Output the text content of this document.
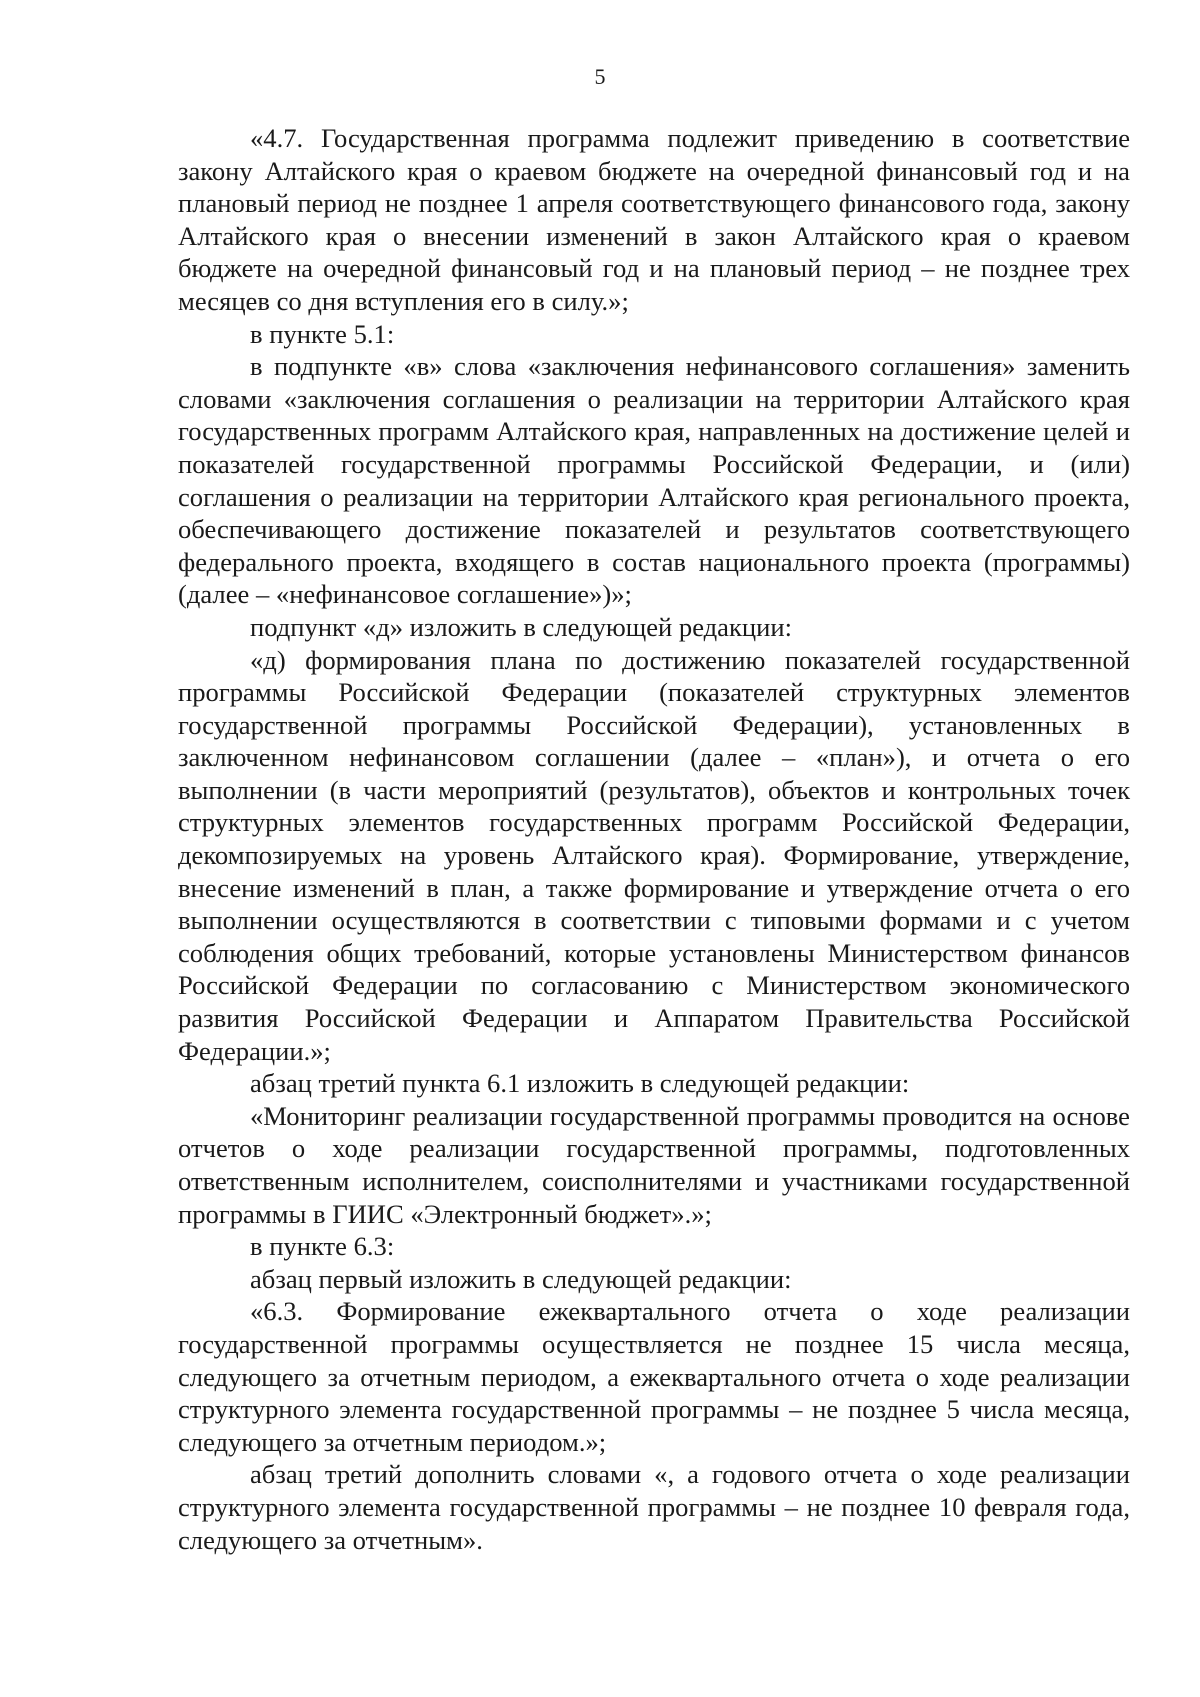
5

«4.7. Государственная программа подлежит приведению в соответствие закону Алтайского края о краевом бюджете на очередной финансовый год и на плановый период не позднее 1 апреля соответствующего финансового года, закону Алтайского края о внесении изменений в закон Алтайского края о краевом бюджете на очередной финансовый год и на плановый период – не позднее трех месяцев со дня вступления его в силу.»;

в пункте 5.1:

в подпункте «в» слова «заключения нефинансового соглашения» заменить словами «заключения соглашения о реализации на территории Алтайского края государственных программ Алтайского края, направленных на достижение целей и показателей государственной программы Российской Федерации, и (или) соглашения о реализации на территории Алтайского края регионального проекта, обеспечивающего достижение показателей и результатов соответствующего федерального проекта, входящего в состав национального проекта (программы) (далее – «нефинансовое соглашение»)»;

подпункт «д» изложить в следующей редакции:

«д) формирования плана по достижению показателей государственной программы Российской Федерации (показателей структурных элементов государственной программы Российской Федерации), установленных в заключенном нефинансовом соглашении (далее – «план»), и отчета о его выполнении (в части мероприятий (результатов), объектов и контрольных точек структурных элементов государственных программ Российской Федерации, декомпозируемых на уровень Алтайского края). Формирование, утверждение, внесение изменений в план, а также формирование и утверждение отчета о его выполнении осуществляются в соответствии с типовыми формами и с учетом соблюдения общих требований, которые установлены Министерством финансов Российской Федерации по согласованию с Министерством экономического развития Российской Федерации и Аппаратом Правительства Российской Федерации.»;

абзац третий пункта 6.1 изложить в следующей редакции:

«Мониторинг реализации государственной программы проводится на основе отчетов о ходе реализации государственной программы, подготовленных ответственным исполнителем, соисполнителями и участниками государственной программы в ГИИС «Электронный бюджет».»;

в пункте 6.3:

абзац первый изложить в следующей редакции:

«6.3. Формирование ежеквартального отчета о ходе реализации государственной программы осуществляется не позднее 15 числа месяца, следующего за отчетным периодом, а ежеквартального отчета о ходе реализации структурного элемента государственной программы – не позднее 5 числа месяца, следующего за отчетным периодом.»;

абзац третий дополнить словами «, а годового отчета о ходе реализации структурного элемента государственной программы – не позднее 10 февраля года, следующего за отчетным».
